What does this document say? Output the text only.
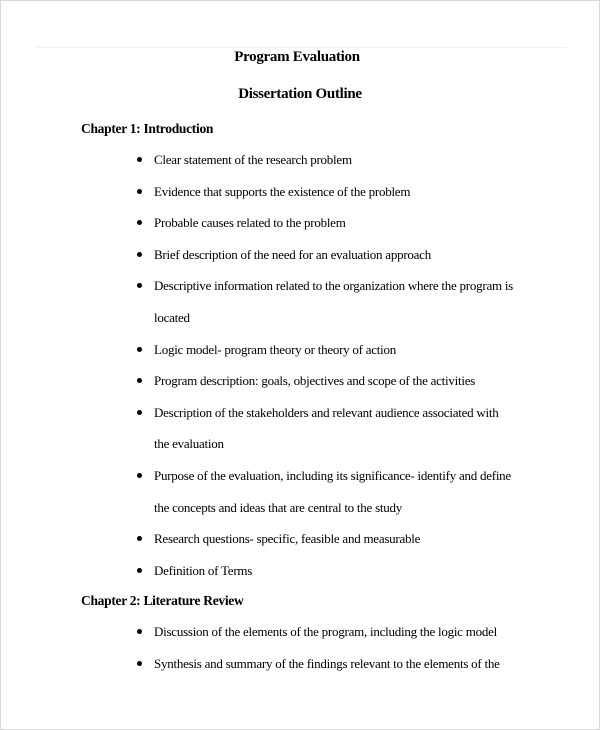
Program Evaluation
Dissertation Outline
Chapter 1: Introduction
Clear statement of the research problem
Evidence that supports the existence of the problem
Probable causes related to the problem
Brief description of the need for an evaluation approach
Descriptive information related to the organization where the program is located
Logic model- program theory or theory of action
Program description: goals, objectives and scope of the activities
Description of the stakeholders and relevant audience associated with the evaluation
Purpose of the evaluation, including its significance- identify and define the concepts and ideas that are central to the study
Research questions- specific, feasible and measurable
Definition of Terms
Chapter 2: Literature Review
Discussion of the elements of the program, including the logic model
Synthesis and summary of the findings relevant to the elements of the
